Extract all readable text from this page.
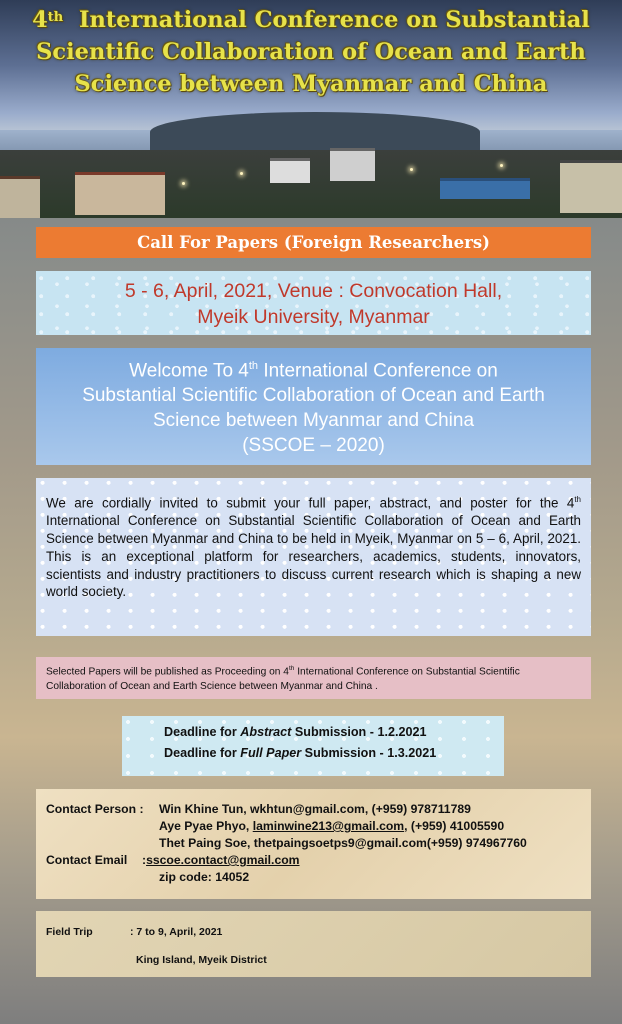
4th International Conference on Substantial
Scientific Collaboration of Ocean and Earth
Science between Myanmar and China
Call For Papers (Foreign Researchers)
5 - 6, April, 2021, Venue : Convocation Hall,
Myeik University, Myanmar
Welcome To 4th International Conference on
Substantial Scientific Collaboration of Ocean and Earth
Science between Myanmar and China
(SSCOE – 2020)
We are cordially invited to submit your full paper, abstract, and poster for the 4th International Conference on Substantial Scientific Collaboration of Ocean and Earth Science between Myanmar and China to be held in Myeik, Myanmar on 5 – 6, April, 2021. This is an exceptional platform for researchers, academics, students, innovators, scientists and industry practitioners to discuss current research which is shaping a new world society.
Selected Papers will be published as Proceeding on 4th International Conference on Substantial Scientific Collaboration of Ocean and Earth Science between Myanmar and China .
Deadline for Abstract Submission - 1.2.2021
Deadline for Full Paper Submission - 1.3.2021
Contact Person :	Win Khine Tun, wkhtun@gmail.com, (+959) 978711789
Aye Pyae Phyo, laminwine213@gmail.com, (+959) 41005590
Thet Paing Soe, thetpaingsoetps9@gmail.com(+959) 974967760
Contact Email	: sscoe.contact@gmail.com
zip code: 14052
Field Trip	: 7 to 9, April, 2021
King Island, Myeik District
